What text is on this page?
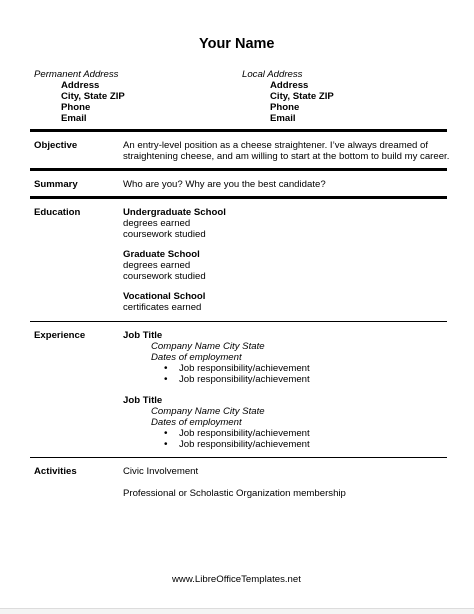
Your Name
Permanent Address
Address
City, State ZIP
Phone
Email
Local Address
Address
City, State ZIP
Phone
Email
Objective	An entry-level position as a cheese straightener. I’ve always dreamed of
straightening cheese, and am willing to start at the bottom to build my career.
Summary	Who are you? Why are you the best candidate?
Education	Undergraduate School
degrees earned
coursework studied
Graduate School
degrees earned
coursework studied
Vocational School
certificates earned
Experience	Job Title
Company Name City State
Dates of employment
• Job responsibility/achievement
• Job responsibility/achievement
Job Title
Company Name City State
Dates of employment
• Job responsibility/achievement
• Job responsibility/achievement
Activities	Civic Involvement
Professional or Scholastic Organization membership
www.LibreOfficeTemplates.net
